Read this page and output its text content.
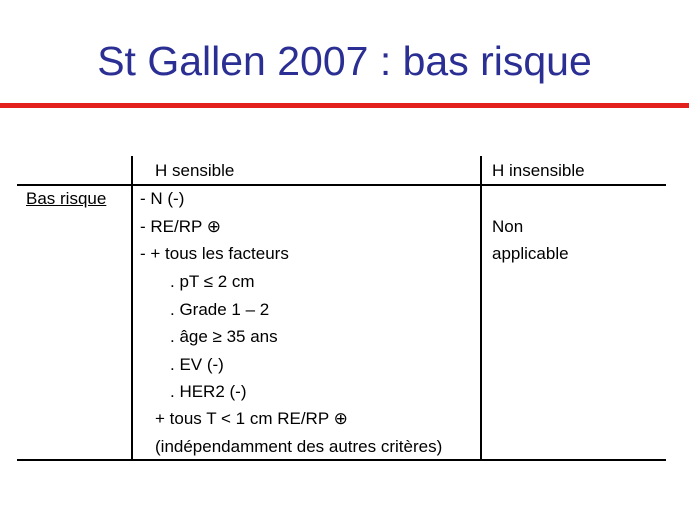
St Gallen 2007 : bas risque
H sensible	H insensible
Bas risque - N (-)
- RE/RP ⊕
- + tous les facteurs
. pT ≤ 2 cm
. Grade 1 – 2
. âge ≥ 35 ans
. EV (-)
. HER2 (-)
+ tous T < 1 cm RE/RP ⊕
(indépendamment des autres critères)
Non
applicable
